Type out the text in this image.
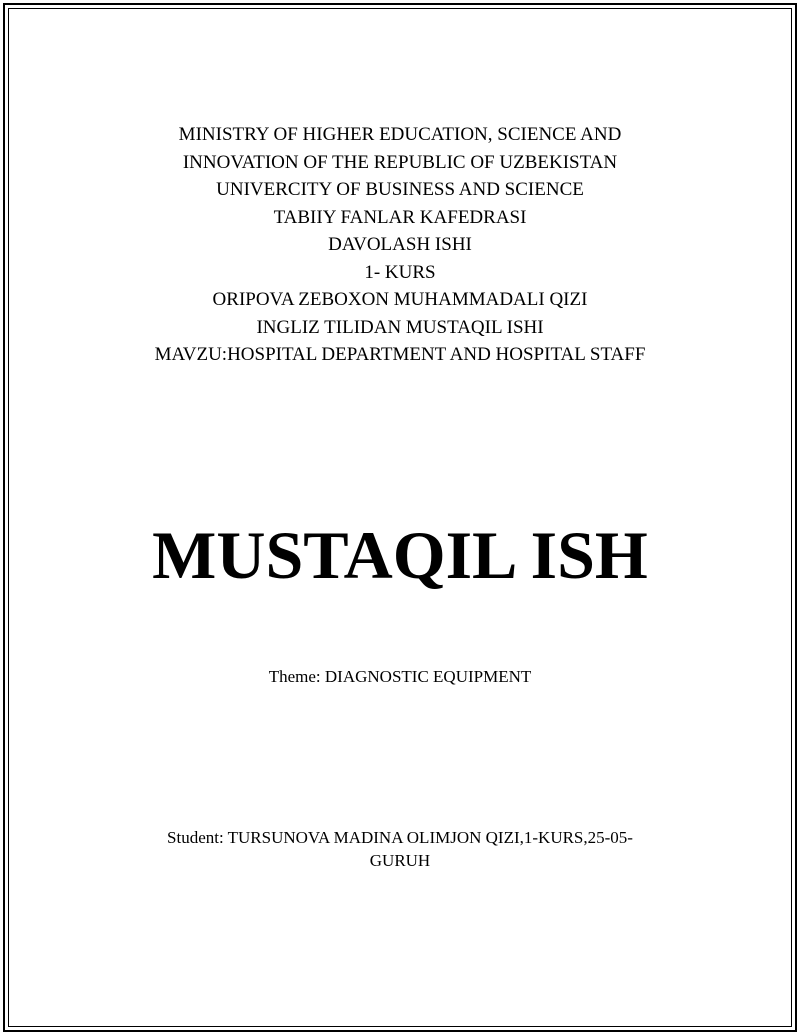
MINISTRY OF HIGHER EDUCATION, SCIENCE AND
INNOVATION OF THE REPUBLIC OF UZBEKISTAN
UNIVERCITY OF BUSINESS AND SCIENCE
TABIIY FANLAR KAFEDRASI
DAVOLASH ISHI
1- KURS
ORIPOVA ZEBOXON MUHAMMADALI QIZI
INGLIZ TILIDAN MUSTAQIL ISHI
MAVZU:HOSPITAL DEPARTMENT AND HOSPITAL STAFF
MUSTAQIL ISH
Theme: DIAGNOSTIC EQUIPMENT
Student: TURSUNOVA MADINA OLIMJON QIZI,1-KURS,25-05-
GURUH
